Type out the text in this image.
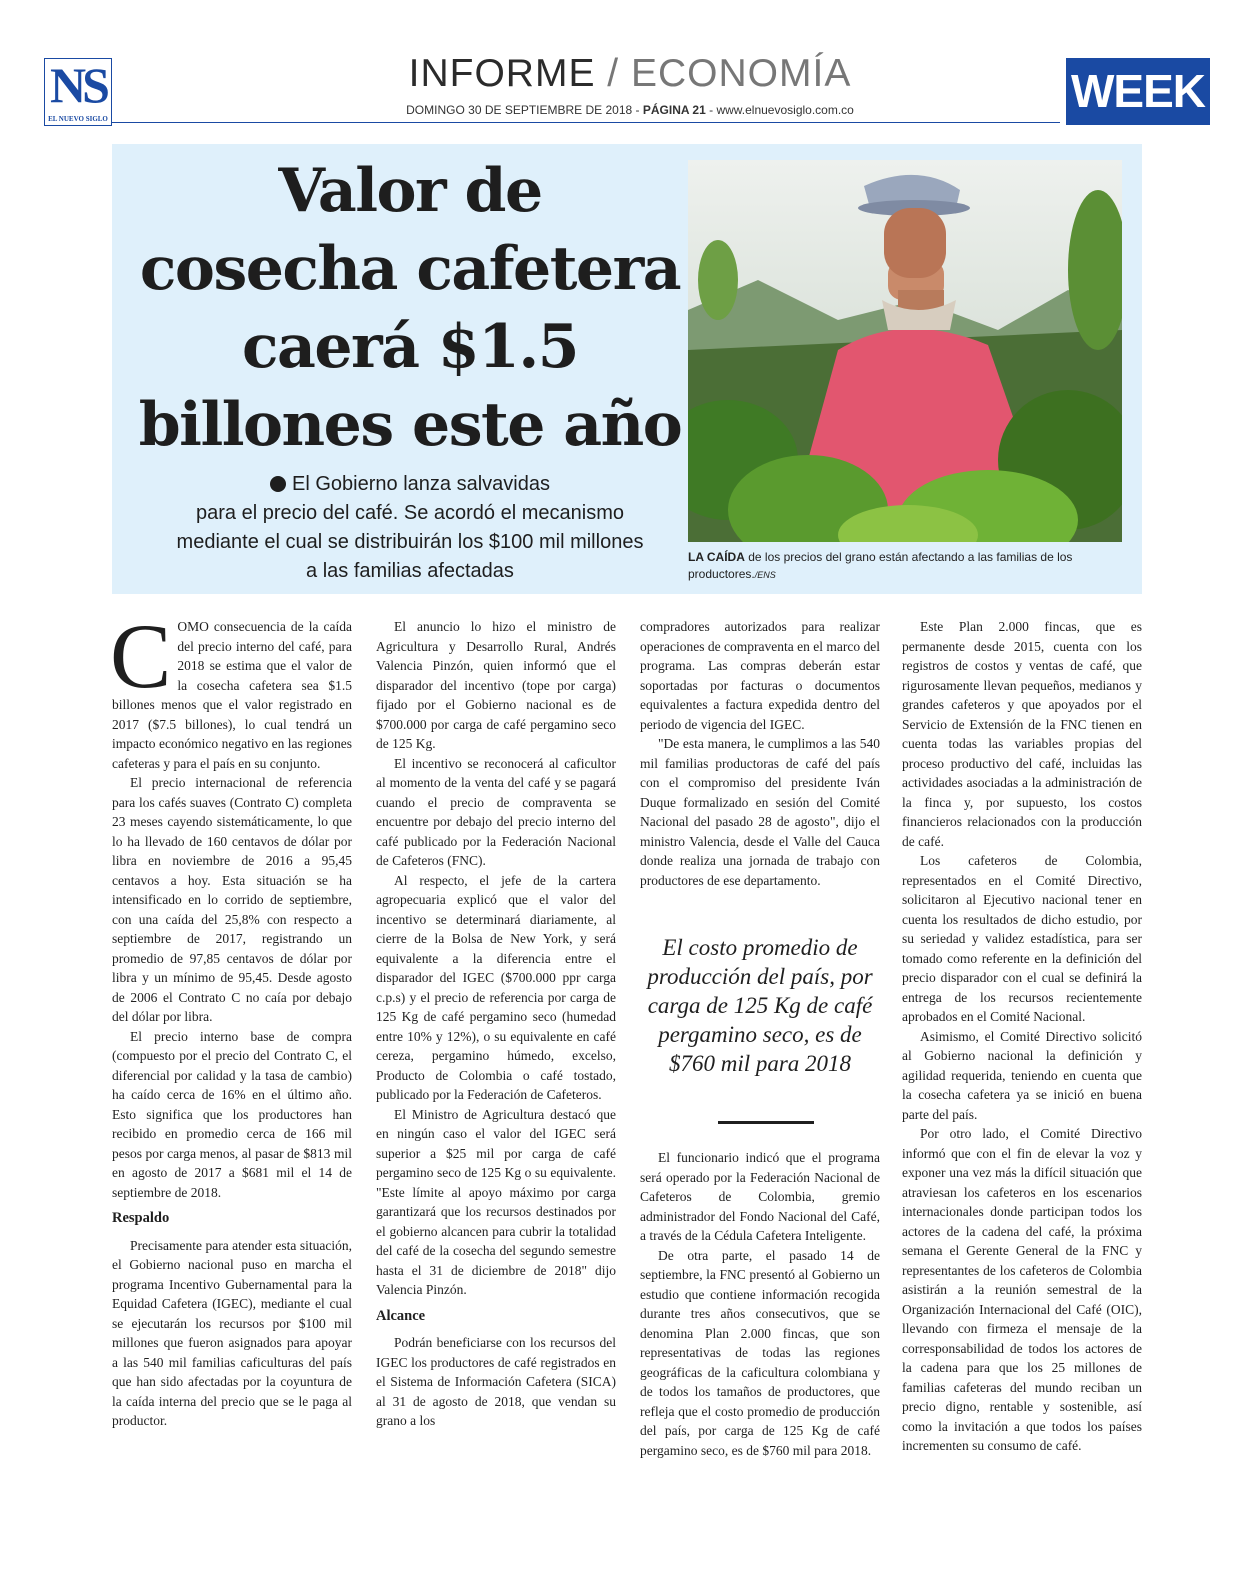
NS
EL NUEVO SIGLO
INFORME / ECONOMÍA
DOMINGO 30 DE SEPTIEMBRE DE 2018 - PÁGINA 21 - www.elnuevosiglo.com.co	WEEK
Valor de
cosecha cafetera
caerá $1.5
billones este año
El Gobierno lanza salvavidas
para el precio del café. Se acordó el mecanismo
mediante el cual se distribuirán los $100 mil millones
a las familias afectadas
LA CAÍDA de los precios del grano están afectando a las familias de los productores./ENS

COMO consecuencia de la caída del precio interno del café, para 2018 se estima que el valor de la cosecha cafetera sea $1.5 billones menos que el valor registrado en 2017 ($7.5 billones), lo cual tendrá un impacto económico negativo en las regiones cafeteras y para el país en su conjunto.

El precio internacional de referencia para los cafés suaves (Contrato C) completa 23 meses cayendo sistemáticamente, lo que lo ha llevado de 160 centavos de dólar por libra en noviembre de 2016 a 95,45 centavos a hoy. Esta situación se ha intensificado en lo corrido de septiembre, con una caída del 25,8% con respecto a septiembre de 2017, registrando un promedio de 97,85 centavos de dólar por libra y un mínimo de 95,45. Desde agosto de 2006 el Contrato C no caía por debajo del dólar por libra.

El precio interno base de compra (compuesto por el precio del Contrato C, el diferencial por calidad y la tasa de cambio) ha caído cerca de 16% en el último año. Esto significa que los productores han recibido en promedio cerca de 166 mil pesos por carga menos, al pasar de $813 mil en agosto de 2017 a $681 mil el 14 de septiembre de 2018.

Respaldo

Precisamente para atender esta situación, el Gobierno nacional puso en marcha el programa Incentivo Gubernamental para la Equidad Cafetera (IGEC), mediante el cual se ejecutarán los recursos por $100 mil millones que fueron asignados para apoyar a las 540 mil familias caficulturas del país que han sido afectadas por la coyuntura de la caída interna del precio que se le paga al productor.

El anuncio lo hizo el ministro de Agricultura y Desarrollo Rural, Andrés Valencia Pinzón, quien informó que el disparador del incentivo (tope por carga) fijado por el Gobierno nacional es de $700.000 por carga de café pergamino seco de 125 Kg.

El incentivo se reconocerá al caficultor al momento de la venta del café y se pagará cuando el precio de compraventa se encuentre por debajo del precio interno del café publicado por la Federación Nacional de Cafeteros (FNC).

Al respecto, el jefe de la cartera agropecuaria explicó que el valor del incentivo se determinará diariamente, al cierre de la Bolsa de New York, y será equivalente a la diferencia entre el disparador del IGEC ($700.000 ppr carga c.p.s) y el precio de referencia por carga de 125 Kg de café pergamino seco (humedad entre 10% y 12%), o su equivalente en café cereza, pergamino húmedo, excelso, Producto de Colombia o café tostado, publicado por la Federación de Cafeteros.

El Ministro de Agricultura destacó que en ningún caso el valor del IGEC será superior a $25 mil por carga de café pergamino seco de 125 Kg o su equivalente. "Este límite al apoyo máximo por carga garantizará que los recursos destinados por el gobierno alcancen para cubrir la totalidad del café de la cosecha del segundo semestre hasta el 31 de diciembre de 2018" dijo Valencia Pinzón.

Alcance

Podrán beneficiarse con los recursos del IGEC los productores de café registrados en el Sistema de Información Cafetera (SICA) al 31 de agosto de 2018, que vendan su grano a los

compradores autorizados para realizar operaciones de compraventa en el marco del programa. Las compras deberán estar soportadas por facturas o documentos equivalentes a factura expedida dentro del periodo de vigencia del IGEC.

"De esta manera, le cumplimos a las 540 mil familias productoras de café del país con el compromiso del presidente Iván Duque formalizado en sesión del Comité Nacional del pasado 28 de agosto", dijo el ministro Valencia, desde el Valle del Cauca donde realiza una jornada de trabajo con productores de ese departamento.

El costo promedio de producción del país, por carga de 125 Kg de café pergamino seco, es de $760 mil para 2018

El funcionario indicó que el programa será operado por la Federación Nacional de Cafeteros de Colombia, gremio administrador del Fondo Nacional del Café, a través de la Cédula Cafetera Inteligente.

De otra parte, el pasado 14 de septiembre, la FNC presentó al Gobierno un estudio que contiene información recogida durante tres años consecutivos, que se denomina Plan 2.000 fincas, que son representativas de todas las regiones geográficas de la caficultura colombiana y de todos los tamaños de productores, que refleja que el costo promedio de producción del país, por carga de 125 Kg de café pergamino seco, es de $760 mil para 2018.

Este Plan 2.000 fincas, que es permanente desde 2015, cuenta con los registros de costos y ventas de café, que rigurosamente llevan pequeños, medianos y grandes cafeteros y que apoyados por el Servicio de Extensión de la FNC tienen en cuenta todas las variables propias del proceso productivo del café, incluidas las actividades asociadas a la administración de la finca y, por supuesto, los costos financieros relacionados con la producción de café.

Los cafeteros de Colombia, representados en el Comité Directivo, solicitaron al Ejecutivo nacional tener en cuenta los resultados de dicho estudio, por su seriedad y validez estadística, para ser tomado como referente en la definición del precio disparador con el cual se definirá la entrega de los recursos recientemente aprobados en el Comité Nacional.

Asimismo, el Comité Directivo solicitó al Gobierno nacional la definición y agilidad requerida, teniendo en cuenta que la cosecha cafetera ya se inició en buena parte del país.

Por otro lado, el Comité Directivo informó que con el fin de elevar la voz y exponer una vez más la difícil situación que atraviesan los cafeteros en los escenarios internacionales donde participan todos los actores de la cadena del café, la próxima semana el Gerente General de la FNC y representantes de los cafeteros de Colombia asistirán a la reunión semestral de la Organización Internacional del Café (OIC), llevando con firmeza el mensaje de la corresponsabilidad de todos los actores de la cadena para que los 25 millones de familias cafeteras del mundo reciban un precio digno, rentable y sostenible, así como la invitación a que todos los países incrementen su consumo de café.
